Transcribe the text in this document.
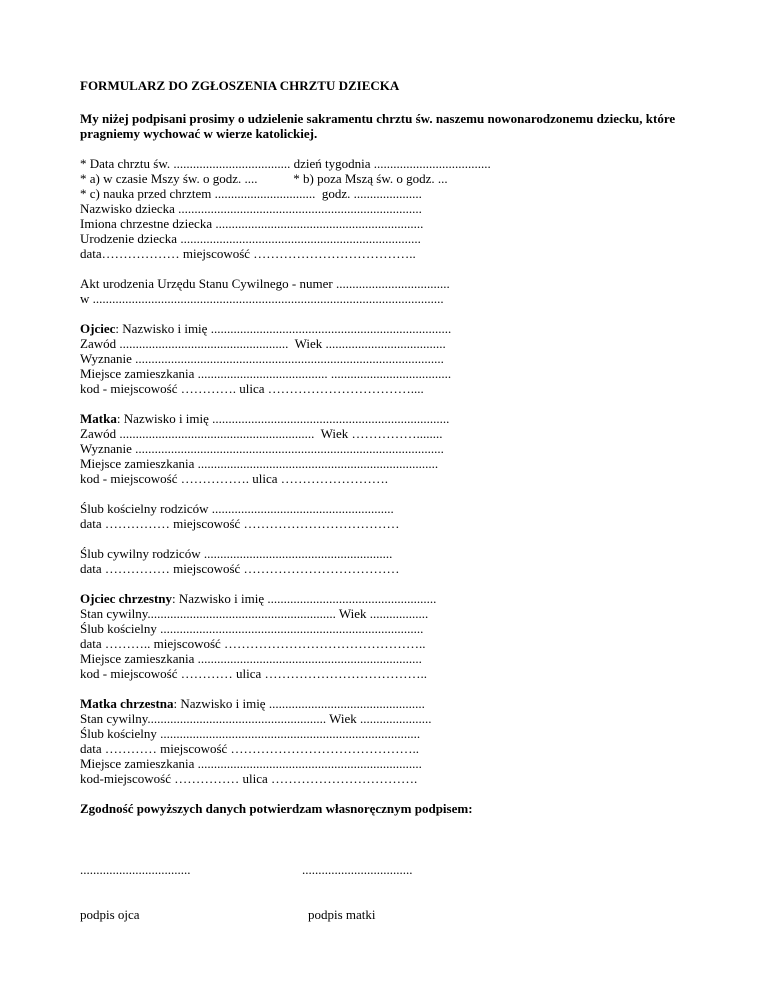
FORMULARZ DO ZGŁOSZENIA CHRZTU DZIECKA
My niżej podpisani prosimy o udzielenie sakramentu chrztu św. naszemu nowonarodzonemu dziecku, które pragniemy wychować w wierze katolickiej.
* Data chrztu św. .................................... dzień tygodnia ....................................
* a) w czasie Mszy św. o godz. ....           * b) poza Mszą św. o godz. ...
* c) nauka przed chrztem ...............................  godz. .....................
Nazwisko dziecka ...........................................................................
Imiona chrzestne dziecka ................................................................
Urodzenie dziecka ..........................................................................
data……………… miejscowość ………………………………..
Akt urodzenia Urzędu Stanu Cywilnego - numer ...................................
w ............................................................................................................
Ojciec: Nazwisko i imię ..........................................................................
Zawód ....................................................  Wiek .....................................
Wyznanie ...............................................................................................
Miejsce zamieszkania ........................................ .....................................
kod - miejscowość …………. ulica ……………………………....
Matka: Nazwisko i imię .........................................................................
Zawód ............................................................  Wiek ……………........
Wyznanie ...............................................................................................
Miejsce zamieszkania ..........................................................................
kod - miejscowość ……………. ulica …………………….
Ślub kościelny rodziców ........................................................
data …………… miejscowość ………………………………
Ślub cywilny rodziców ..........................................................
data …………… miejscowość ………………………………
Ojciec chrzestny: Nazwisko i imię ....................................................
Stan cywilny.......................................................... Wiek ..................
Ślub kościelny .................................................................................
data ……….. miejscowość ………………………………………..
Miejsce zamieszkania .....................................................................
kod - miejscowość ………… ulica ………………………………..
Matka chrzestna: Nazwisko i imię ................................................
Stan cywilny....................................................... Wiek ......................
Ślub kościelny ................................................................................
data ………… miejscowość ……………………………………..
Miejsce zamieszkania .....................................................................
kod-miejscowość …………… ulica …………………………….
Zgodność powyższych danych potwierdzam własnoręcznym podpisem:

..................................

podpis ojca

..................................

podpis matki
